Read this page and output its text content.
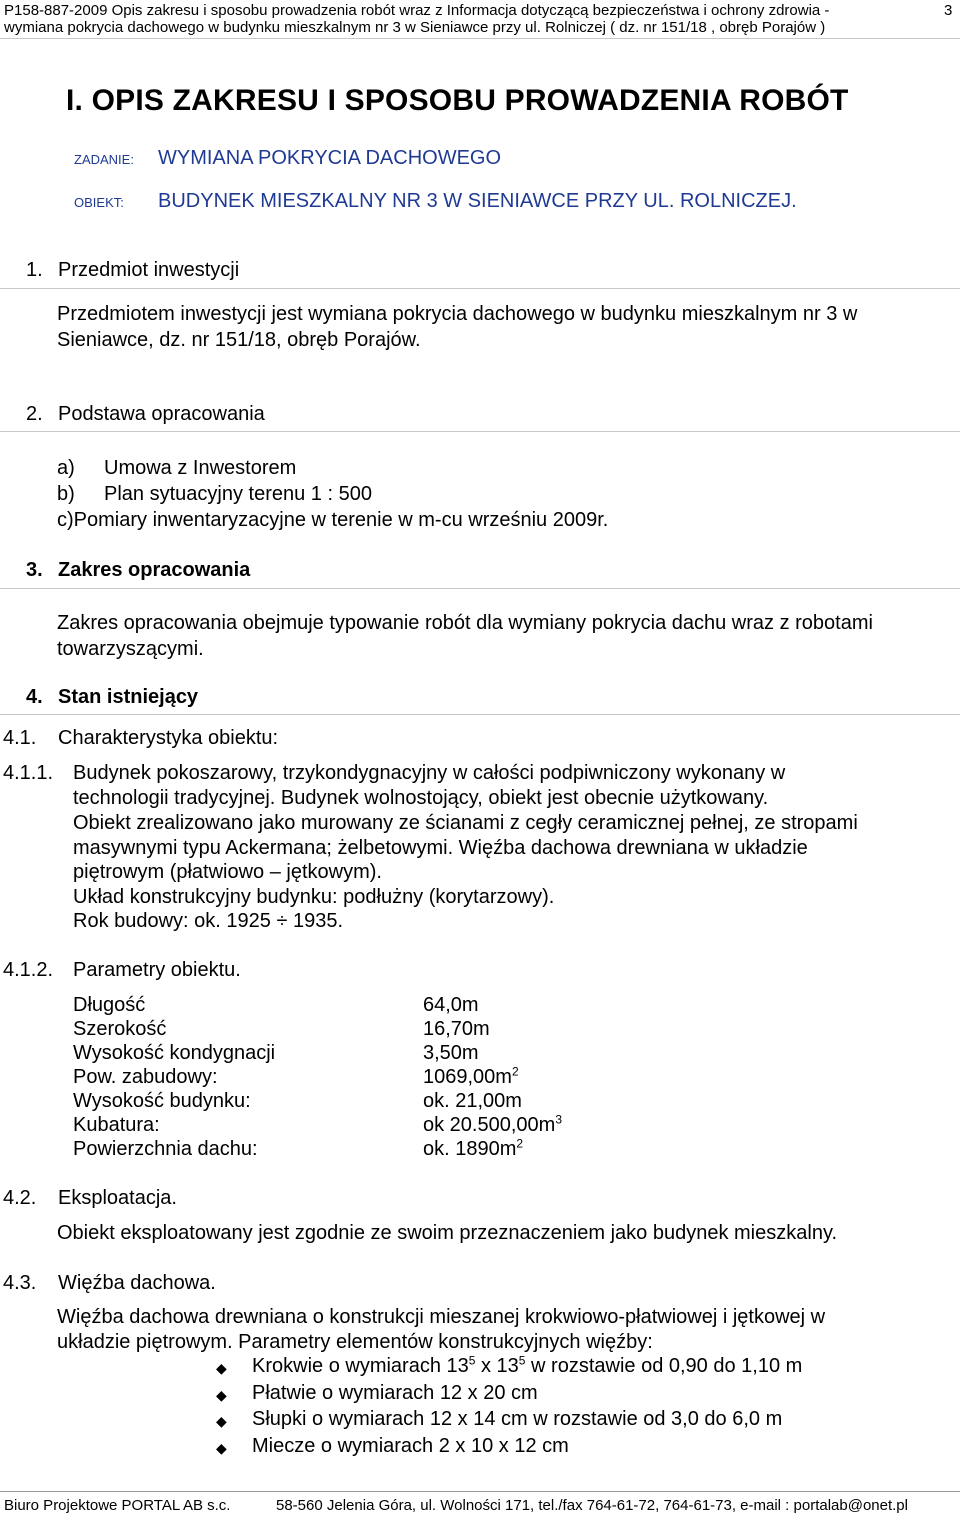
P158-887-2009 Opis zakresu i sposobu prowadzenia robót wraz z Informacja dotyczącą bezpieczeństwa i ochrony zdrowia -
wymiana pokrycia dachowego w budynku mieszkalnym nr 3 w Sieniawce przy ul. Rolniczej ( dz. nr 151/18 , obręb Porajów )
3
I. OPIS ZAKRESU I SPOSOBU PROWADZENIA ROBÓT
ZADANIE: WYMIANA POKRYCIA DACHOWEGO
OBIEKT: BUDYNEK MIESZKALNY NR 3 W SIENIAWCE PRZY UL. ROLNICZEJ.
1. Przedmiot inwestycji
Przedmiotem inwestycji jest wymiana pokrycia dachowego w budynku mieszkalnym nr 3 w
Sieniawce, dz. nr 151/18, obręb Porajów.
2. Podstawa opracowania
a) Umowa z Inwestorem
b) Plan sytuacyjny terenu 1 : 500
c)Pomiary inwentaryzacyjne w terenie w m-cu wrześniu 2009r.
3. Zakres opracowania
Zakres opracowania obejmuje typowanie robót dla wymiany pokrycia dachu wraz z robotami
towarzyszącymi.
4. Stan istniejący
4.1. Charakterystyka obiektu:
4.1.1. Budynek pokoszarowy, trzykondygnacyjny w całości podpiwniczony wykonany w
technologii tradycyjnej. Budynek wolnostojący, obiekt jest obecnie użytkowany.
Obiekt zrealizowano jako murowany ze ścianami z cegły ceramicznej pełnej, ze stropami
masywnymi typu Ackermana; żelbetowymi. Więźba dachowa drewniana w układzie
piętrowym (płatwiowo – jętkowym).
Układ konstrukcyjny budynku: podłużny (korytarzowy).
Rok budowy: ok. 1925 ÷ 1935.
4.1.2. Parametry obiektu.
Długość	64,0m
Szerokość	16,70m
Wysokość kondygnacji	3,50m
Pow. zabudowy:	$1069,00m^2$
Wysokość budynku:	ok. 21,00m
Kubatura:	ok $20.500,00m^3$
Powierzchnia dachu:	ok. $1890m^2$
4.2. Eksploatacja.
Obiekt eksploatowany jest zgodnie ze swoim przeznaczeniem jako budynek mieszkalny.
4.3. Więźba dachowa.
Więźba dachowa drewniana o konstrukcji mieszanej krokwiowo-płatwiowej i jętkowej w
układzie piętrowym. Parametry elementów konstrukcyjnych więźby:
◆ Krokwie o wymiarach $13^5$ x $13^5$ w rozstawie od 0,90 do 1,10 m
◆ Płatwie o wymiarach 12 x 20 cm
◆ Słupki o wymiarach 12 x 14 cm w rozstawie od 3,0 do 6,0 m
◆ Miecze o wymiarach 2 x 10 x 12 cm
Biuro Projektowe PORTAL AB s.c.	58-560 Jelenia Góra, ul. Wolności 171, tel./fax 764-61-72, 764-61-73, e-mail : portalab@onet.pl
